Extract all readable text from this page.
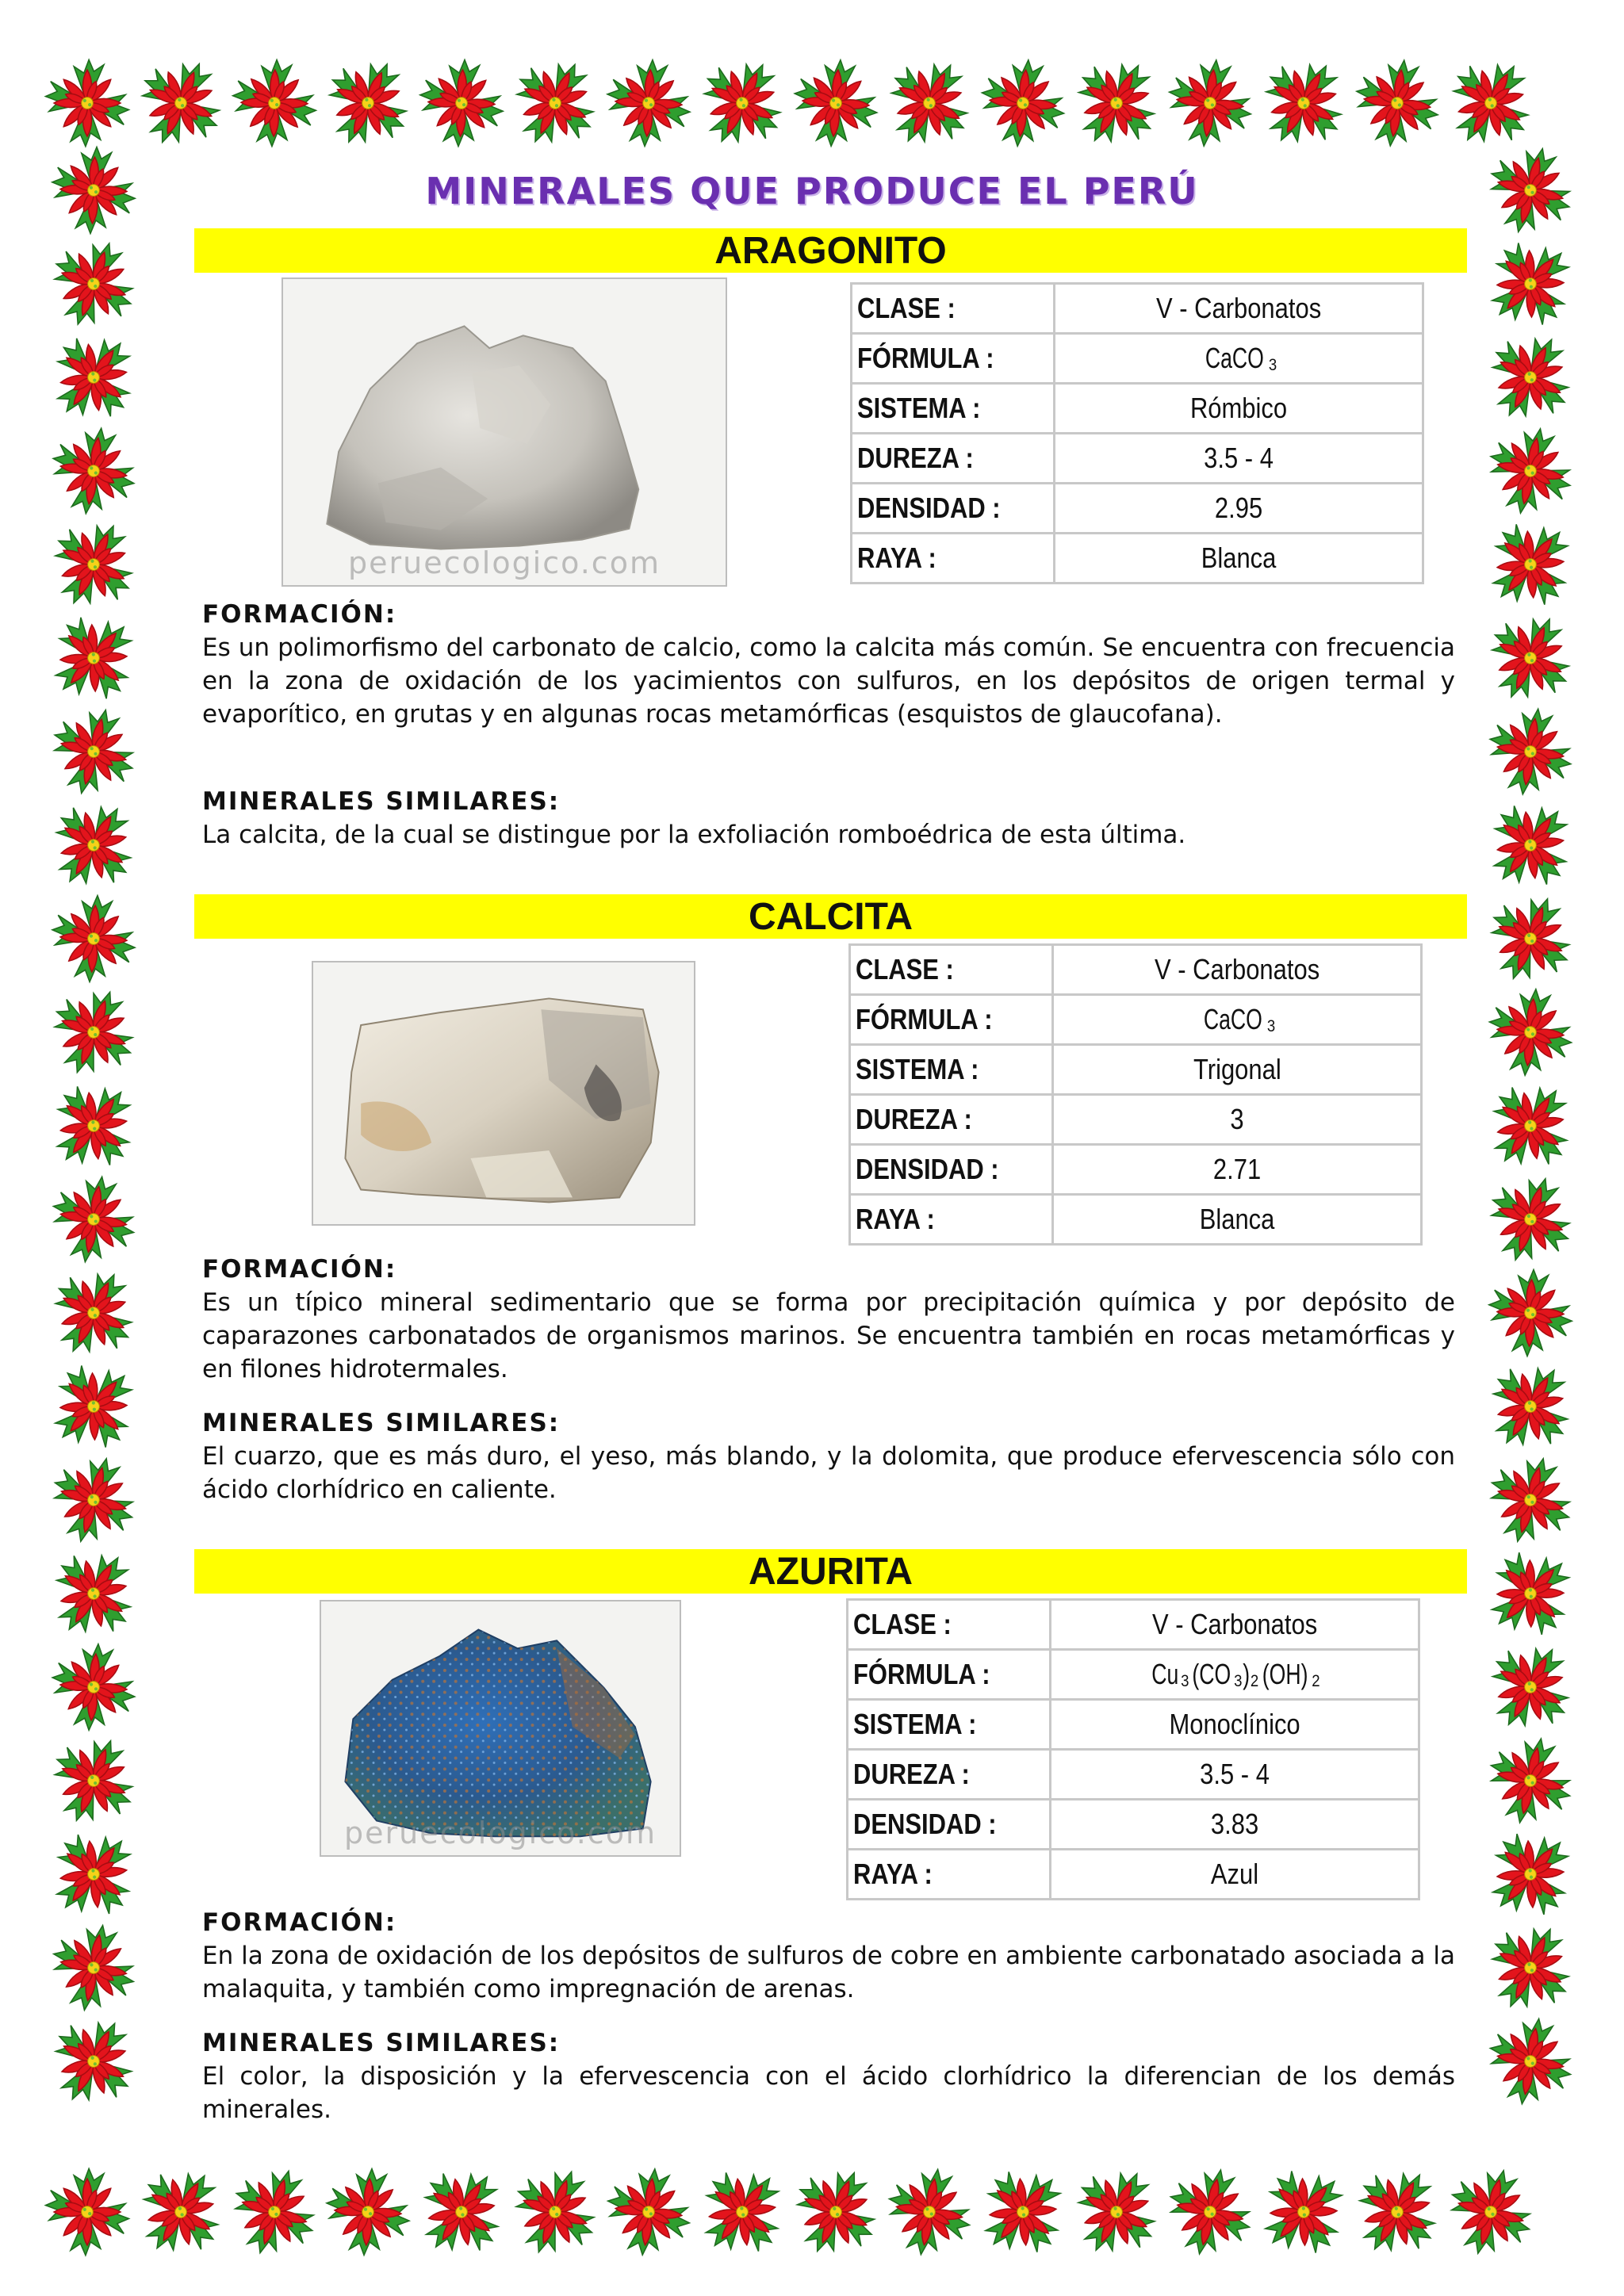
MINERALES QUE PRODUCE EL PERÚ
ARAGONITO
peruecologico.com
CLASE :	V - Carbonatos
FÓRMULA :	CaCO $_3$
SISTEMA :	Rómbico
DUREZA :	3.5 - 4
DENSIDAD :	2.95
RAYA :	Blanca
FORMACIÓN:
Es un polimorfismo del carbonato de calcio, como la calcita más común. Se encuentra con frecuencia en la zona de oxidación de los yacimientos con sulfuros, en los depósitos de origen termal y evaporítico, en grutas y en algunas rocas metamórficas (esquistos de glaucofana).
MINERALES SIMILARES:
La calcita, de la cual se distingue por la exfoliación romboédrica de esta última.
CALCITA
CLASE :	V - Carbonatos
FÓRMULA :	CaCO $_3$
SISTEMA :	Trigonal
DUREZA :	3
DENSIDAD :	2.71
RAYA :	Blanca
FORMACIÓN:
Es un típico mineral sedimentario que se forma por precipitación química y por depósito de caparazones carbonatados de organismos marinos. Se encuentra también en rocas metamórficas y en filones hidrotermales.
MINERALES SIMILARES:
El cuarzo, que es más duro, el yeso, más blando, y la dolomita, que produce efervescencia sólo con ácido clorhídrico en caliente.
AZURITA
peruecologico.com
CLASE :	V - Carbonatos
FÓRMULA :	Cu $_3$ (CO $_3)_2$ (OH) $_2$
SISTEMA :	Monoclínico
DUREZA :	3.5 - 4
DENSIDAD :	3.83
RAYA :	Azul
FORMACIÓN:
En la zona de oxidación de los depósitos de sulfuros de cobre en ambiente carbonatado asociada a la malaquita, y también como impregnación de arenas.
MINERALES SIMILARES:
El color, la disposición y la efervescencia con el ácido clorhídrico la diferencian de los demás minerales.
